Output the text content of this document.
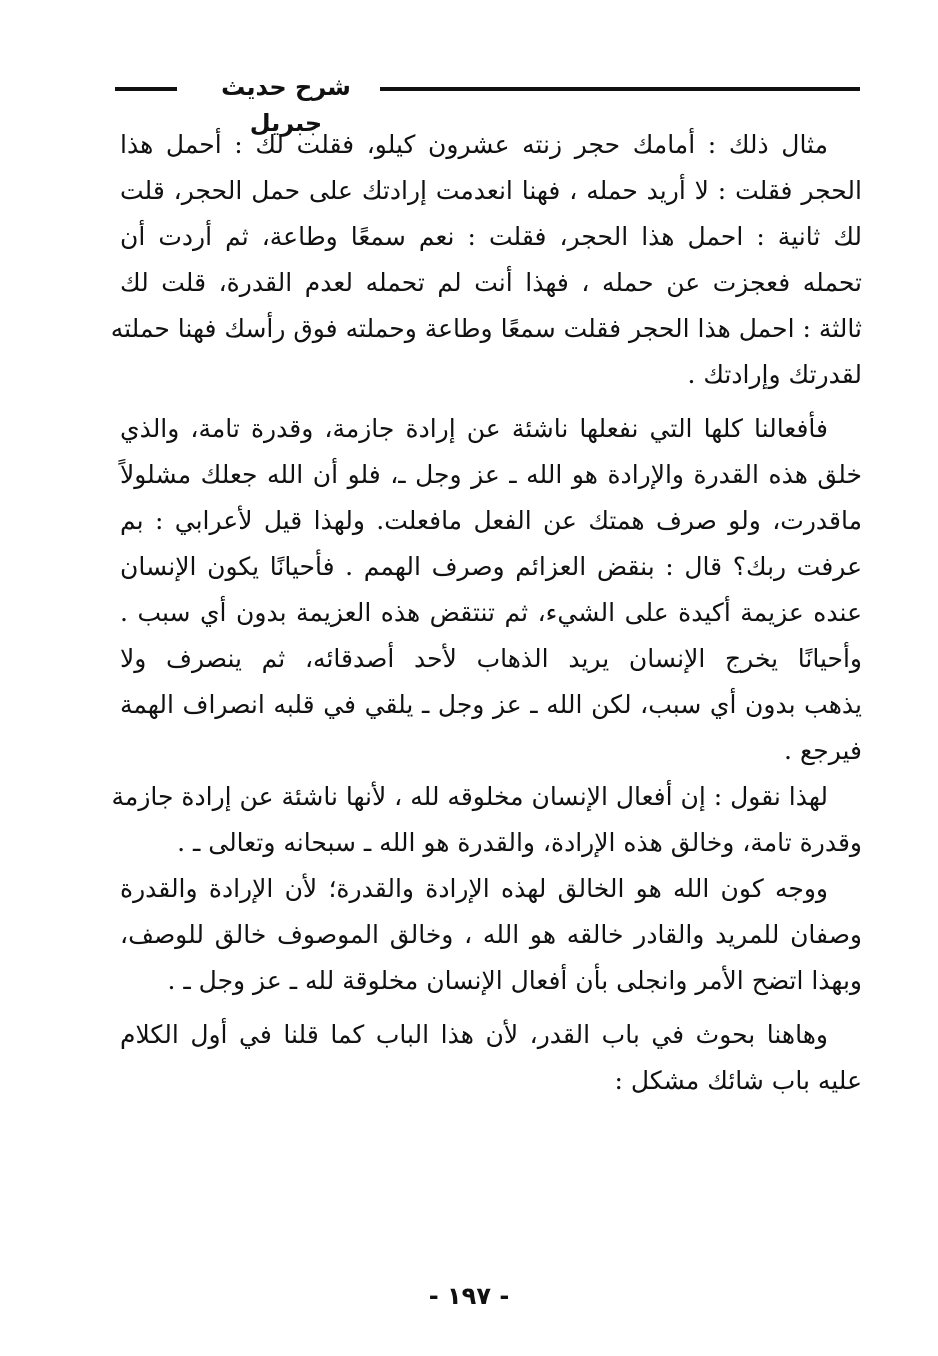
شرح حديث جبريل

مثال ذلك : أمامك حجر زنته عشرون كيلو، فقلت لك : أحمل هذا
الحجر فقلت : لا أريد حمله ، فهنا انعدمت إرادتك على حمل الحجر، قلت
لك ثانية : احمل هذا الحجر، فقلت : نعم سمعًا وطاعة، ثم أردت أن
تحمله فعجزت عن حمله ، فهذا أنت لم تحمله لعدم القدرة، قلت لك
ثالثة : احمل هذا الحجر فقلت سمعًا وطاعة وحملته فوق رأسك فهنا حملته
لقدرتك وإرادتك .

فأفعالنا كلها التي نفعلها ناشئة عن إرادة جازمة، وقدرة تامة، والذي
خلق هذه القدرة والإرادة هو الله ـ عز وجل ـ، فلو أن الله جعلك مشلولاً
ماقدرت، ولو صرف همتك عن الفعل مافعلت. ولهذا قيل لأعرابي : بم
عرفت ربك؟ قال : بنقض العزائم وصرف الهمم . فأحيانًا يكون الإنسان
عنده عزيمة أكيدة على الشيء، ثم تنتقض هذه العزيمة بدون أي سبب .
وأحيانًا يخرج الإنسان يريد الذهاب لأحد أصدقائه، ثم ينصرف ولا
يذهب بدون أي سبب، لكن الله ـ عز وجل ـ يلقي في قلبه انصراف الهمة
فيرجع .

لهذا نقول : إن أفعال الإنسان مخلوقه لله ، لأنها ناشئة عن إرادة جازمة
وقدرة تامة، وخالق هذه الإرادة، والقدرة هو الله ـ سبحانه وتعالى ـ .

ووجه كون الله هو الخالق لهذه الإرادة والقدرة؛ لأن الإرادة والقدرة
وصفان للمريد والقادر خالقه هو الله ، وخالق الموصوف خالق للوصف،
وبهذا اتضح الأمر وانجلى بأن أفعال الإنسان مخلوقة لله ـ عز وجل ـ .

وهاهنا بحوث في باب القدر، لأن هذا الباب كما قلنا في أول الكلام
عليه باب شائك مشكل :

- ١٩٧ -
